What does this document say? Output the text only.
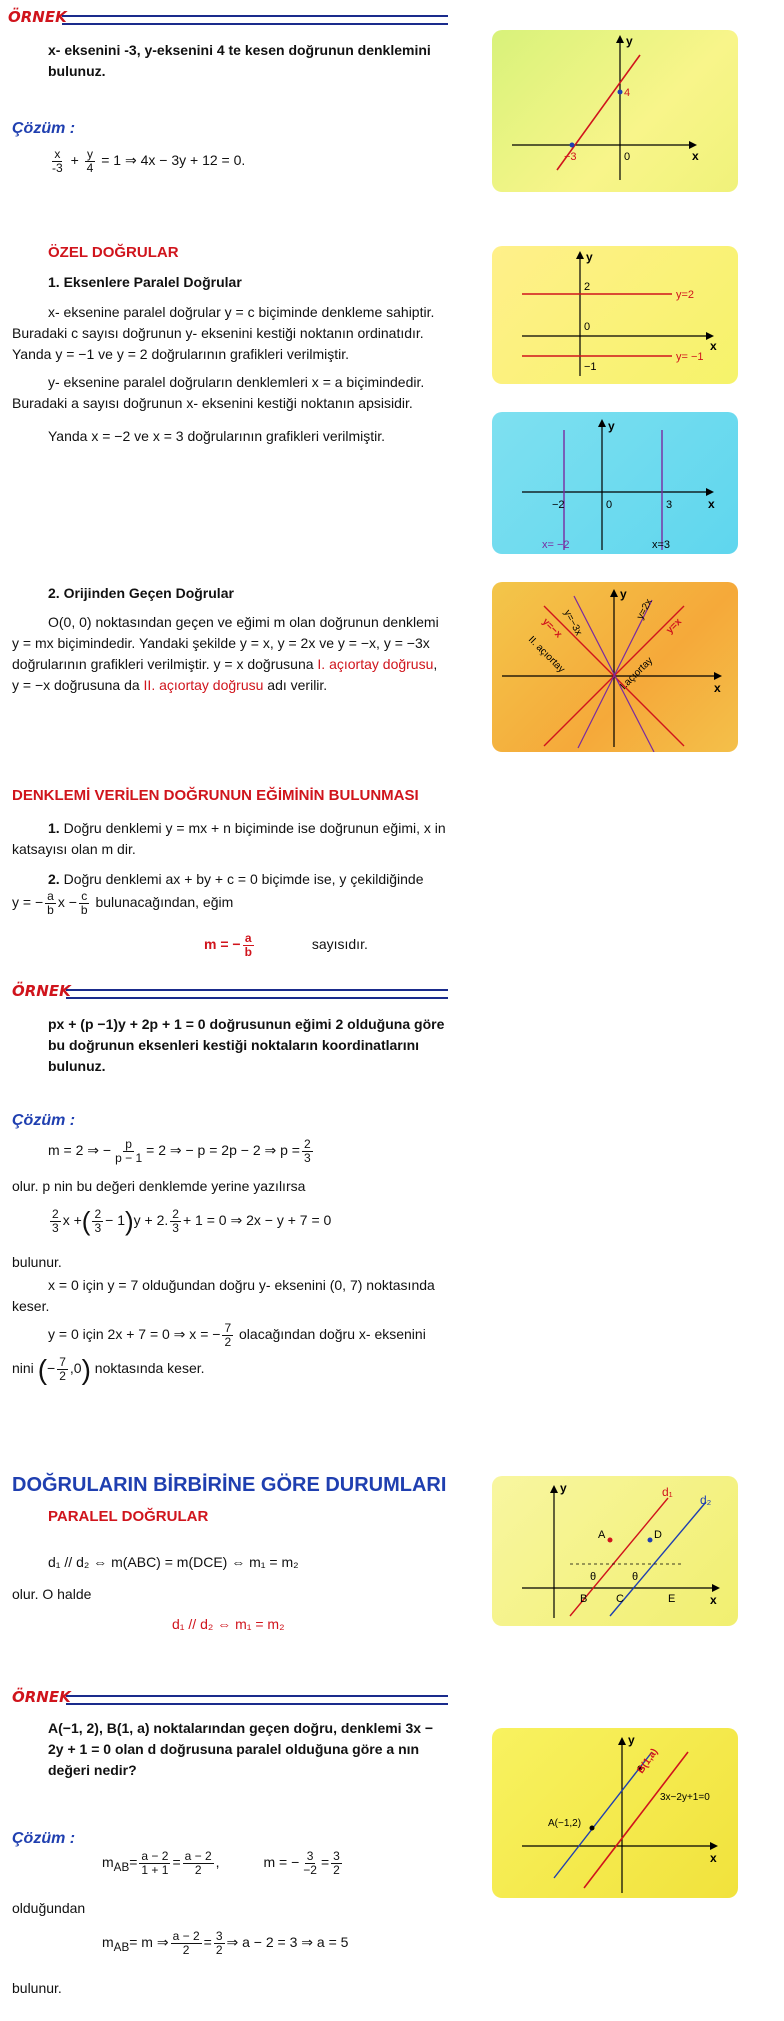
ÖRNEK
x- eksenini -3, y-eksenini 4 te kesen doğrunun denklemini bulunuz.
Çözüm :
$\frac{x}{-3} + \frac{y}{4} = 1$ ⇒ 4x − 3y + 12 = 0.	x
y
0
−3
4
ÖZEL DOĞRULAR
1. Eksenlere Paralel Doğrular
x- eksenine paralel doğrular y = c biçiminde denkleme sahiptir. Buradaki c sayısı doğrunun y- eksenini kestiği noktanın ordinatıdır. Yanda y = −1 ve y = 2 doğrularının grafikleri verilmiştir.
y- eksenine paralel doğruların denklemleri x = a biçimindedir. Buradaki a sayısı doğrunun x- eksenini kestiği noktanın apsisidir.
Yanda x = −2 ve x = 3 doğrularının grafikleri verilmiştir.
x
y
0
2
−1
y=2
y= −1
x
y
0
−2	3
x= −2	x=3
2. Orijinden Geçen Doğrular
O(0, 0) noktasından geçen ve eğimi m olan doğrunun denklemi y = mx biçimindedir. Yandaki şekilde y = x, y = 2x ve y = −x, y = −3x doğrularının grafikleri verilmiştir. y = x doğrusuna I. açıortay doğrusu, y = −x doğrusuna da II. açıortay doğrusu adı verilir.	x
y
y=−3x	y=2x
y=−x	y=x
II. açıortay	I.açıortay
DENKLEMİ VERİLEN DOĞRUNUN EĞİMİNİN BULUNMASI
1. Doğru denklemi y = mx + n biçiminde ise doğrunun eğimi, x in katsayısı olan m dir.
2. Doğru denklemi ax + by + c = 0 biçimde ise, y çekildiğinde
y = − $\frac{a}{b}$ $x - \frac{c}{b}$ bulunacağından, eğim
m = − $\frac{a}{b}$	sayısıdır.
ÖRNEK
px + (p −1)y + 2p + 1 = 0 doğrusunun eğimi 2 olduğuna göre bu doğrunun eksenleri kestiği noktaların koordinatlarını bulunuz.
Çözüm :
m = 2 ⇒ − $\frac{p}{p - 1} = 2$ ⇒ − p = 2p − 2 ⇒ $p = \frac{2}{3}$
olur. p nin bu değeri denklemde yerine yazılırsa
$\frac{2}{3}$ x +( $\frac{2}{3} - 1)y + 2$. $\frac{2}{3} + 1 = 0$ ⇒ 2x − y + 7 = 0
bulunur.
x = 0 için y = 7 olduğundan doğru y- eksenini (0, 7) noktasında keser.
y = 0 için 2x + 7 = 0 ⇒ x = − $\frac{7}{2}$ olacağından doğru x- eksenini
nini (− $\frac{7}{2} ,0$) noktasında keser.
DOĞRULARIN BİRBİRİNE GÖRE DURUMLARI
PARALEL DOĞRULAR
d₁ // d₂ ⇔ m(ABC) = m(DCE) ⇔ m₁ = m₂
olur. O halde
d₁ // d₂ ⇔ m₁ = m₂
x
y	d₁
d₂
A
B	C
D
E
θ	θ
ÖRNEK
A(−1, 2), B(1, a) noktalarından geçen doğru, denklemi 3x − 2y + 1 = 0 olan d doğrusuna paralel olduğuna göre a nın değeri nedir?
Çözüm :
$m_{AB}= \frac{a - 2}{1 + 1} = \frac{a - 2}{2}$ ,	m = − $\frac{3}{-2} = \frac{3}{2}$
olduğundan
$m_{AB}= m$ ⇒ $\frac{a - 2}{2} = \frac{3}{2}$ ⇒ a − 2 = 3 ⇒ a = 5
bulunur.
x
y
A(−1,2)
B(1,a)
3x−2y+1=0
